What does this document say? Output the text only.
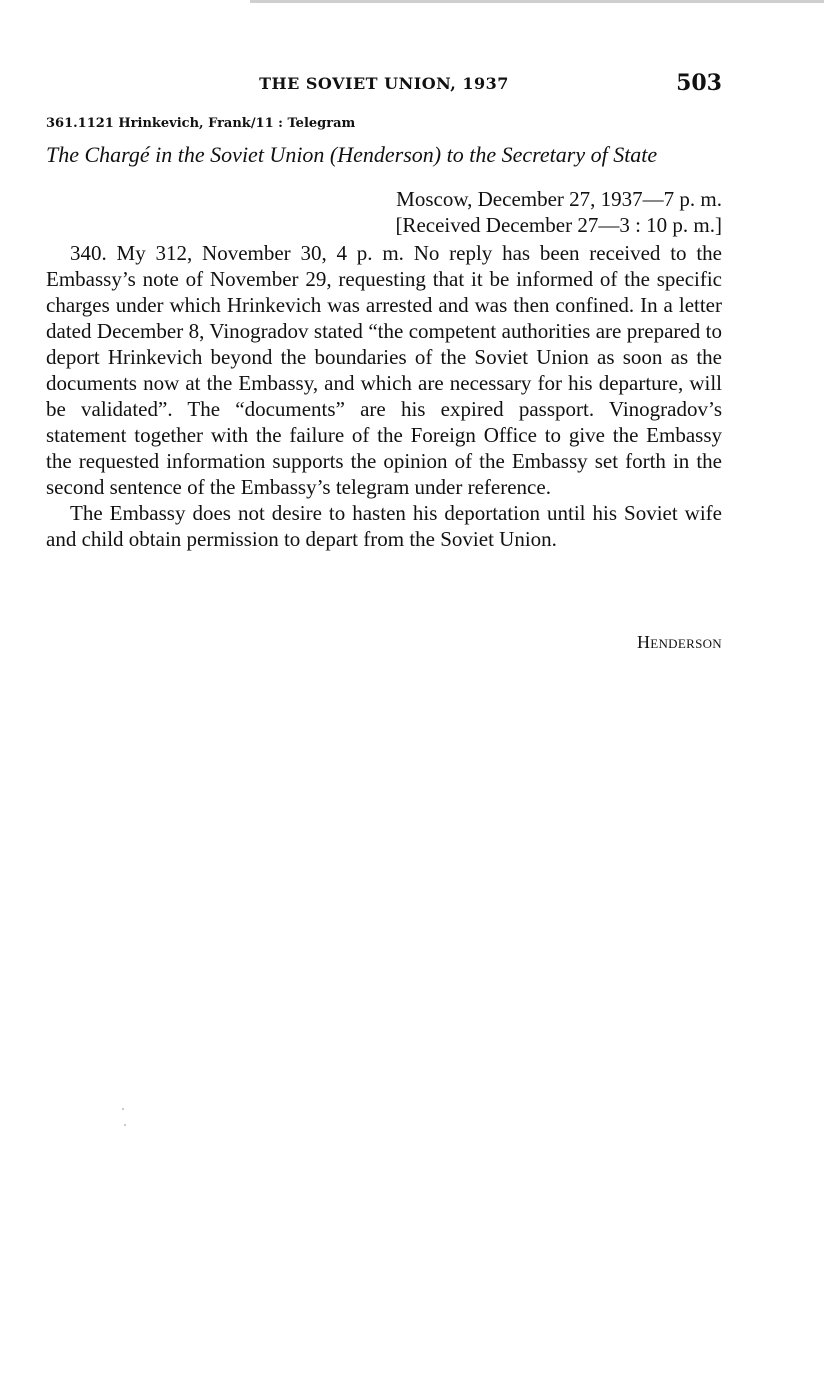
THE SOVIET UNION, 1937	503
361.1121 Hrinkevich, Frank/11 : Telegram
The Chargé in the Soviet Union (Henderson) to the Secretary of State
Moscow, December 27, 1937—7 p. m.
[Received December 27—3 : 10 p. m.]

340. My 312, November 30, 4 p. m. No reply has been received to the Embassy’s note of November 29, requesting that it be informed of the specific charges under which Hrinkevich was arrested and was then confined. In a letter dated December 8, Vinogradov stated “the competent authorities are prepared to deport Hrinkevich beyond the boundaries of the Soviet Union as soon as the documents now at the Embassy, and which are necessary for his departure, will be validated”. The “documents” are his expired passport. Vinogradov’s statement together with the failure of the Foreign Office to give the Embassy the requested information supports the opinion of the Embassy set forth in the second sentence of the Embassy’s telegram under reference.

The Embassy does not desire to hasten his deportation until his Soviet wife and child obtain permission to depart from the Soviet Union.

Henderson
